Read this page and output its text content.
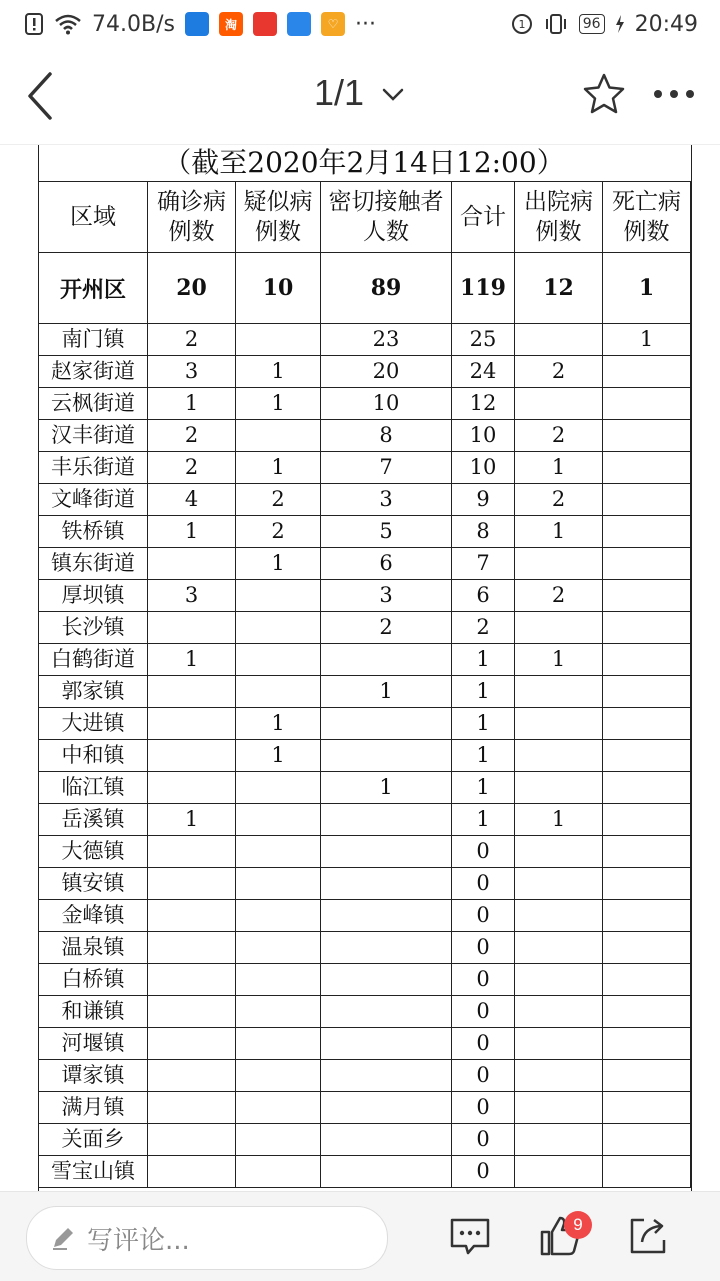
74.0B/s	淘	♡ ···	1	96 20:49
1/1
（截至2020年2月14日12:00）
区域	确诊病例数	疑似病例数	密切接触者人数	合计	出院病例数	死亡病例数
开州区	20	10	89	119	12	1
南门镇	2		23	25		1
赵家街道	3	1	20	24	2	
云枫街道	1	1	10	12		
汉丰街道	2		8	10	2	
丰乐街道	2	1	7	10	1	
文峰街道	4	2	3	9	2	
铁桥镇	1	2	5	8	1	
镇东街道		1	6	7		
厚坝镇	3		3	6	2	
长沙镇			2	2		
白鹤街道	1			1	1	
郭家镇			1	1		
大进镇		1		1		
中和镇		1		1		
临江镇			1	1		
岳溪镇	1			1	1	
大德镇				0		
镇安镇				0		
金峰镇				0		
温泉镇				0		
白桥镇				0		
和谦镇				0		
河堰镇				0		
谭家镇				0		
满月镇				0		
关面乡				0		
雪宝山镇				0		
写评论...
9
